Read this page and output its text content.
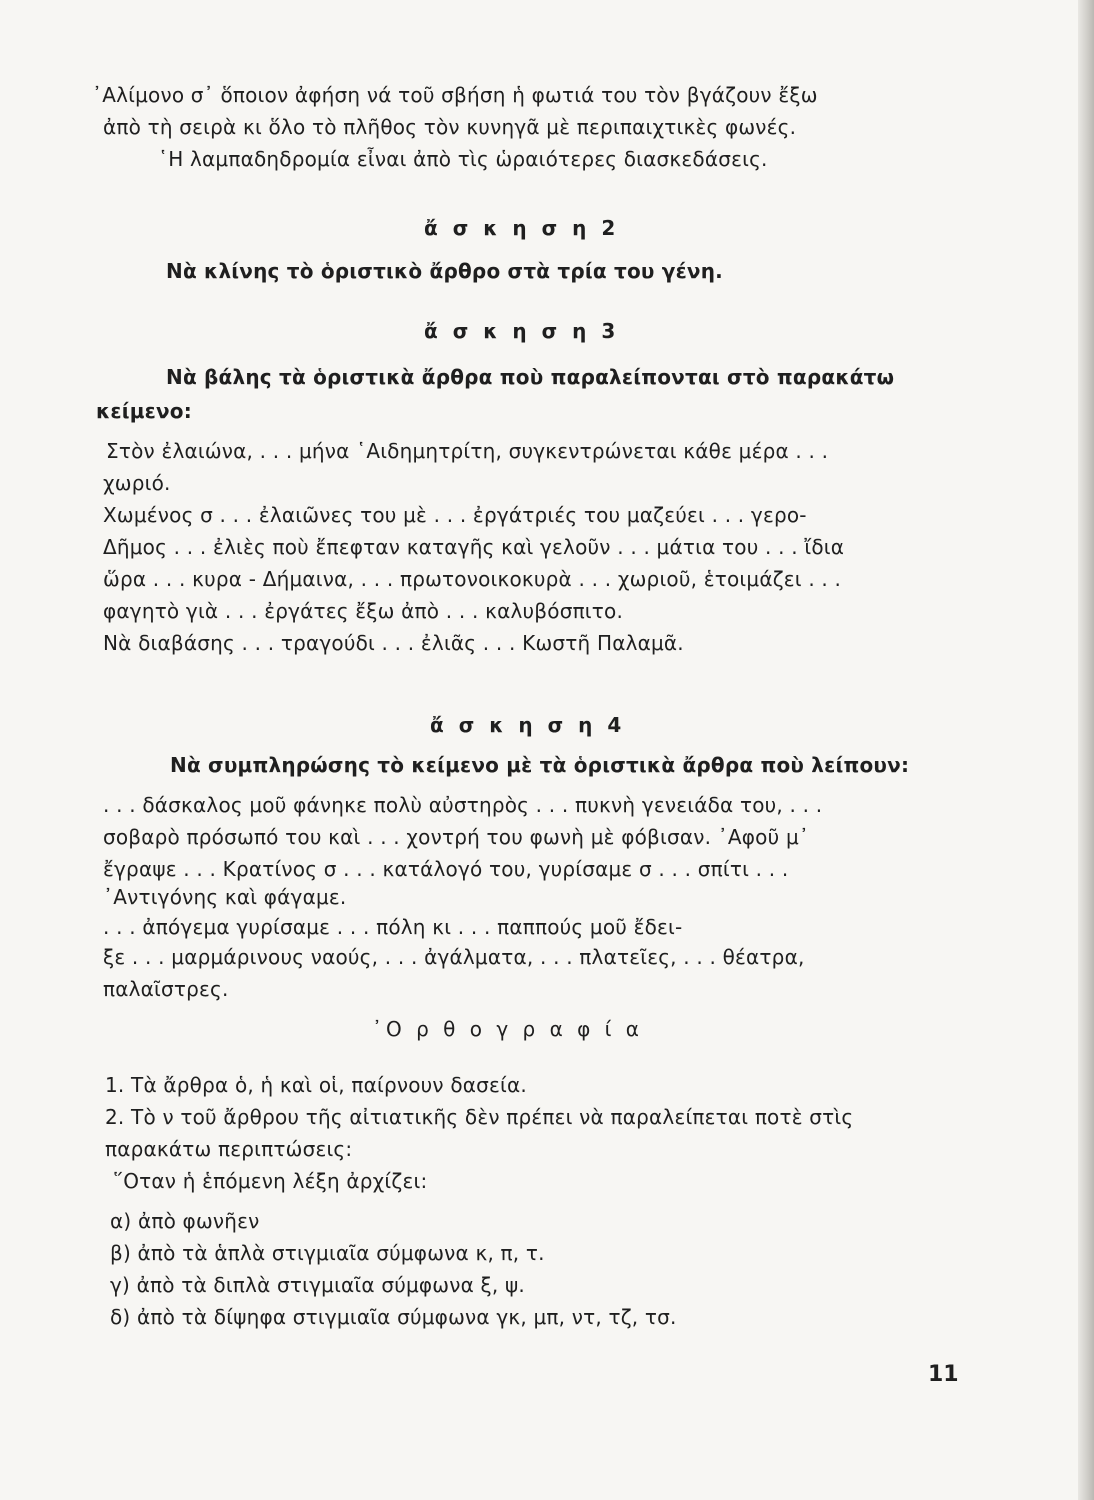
᾿Αλίμονο σ᾿ ὅποιον ἀφήση νά τοῦ σβήση ἡ φωτιά του τὸν βγάζουν ἔξω

ἀπὸ τὴ σειρὰ κι ὅλο τὸ πλῆθος τὸν κυνηγᾶ μὲ περιπαιχτικὲς φωνές.

῾Η λαμπαδηδρομία εἶναι ἀπὸ τὶς ὡραιότερες διασκεδάσεις.

ἄ σ κ η σ η 2

Νὰ κλίνης τὸ ὁριστικὸ ἄρθρο στὰ τρία του γένη.

ἄ σ κ η σ η 3

Νὰ βάλης τὰ ὁριστικὰ ἄρθρα ποὺ παραλείπονται στὸ παρακάτω

κείμενο:

Στὸν ἐλαιώνα, . . . μήνα ῾Αιδημητρίτη, συγκεντρώνεται κάθε μέρα . . .

χωριό.

Χωμένος σ . . . ἐλαιῶνες του μὲ . . . ἐργάτριές του μαζεύει . . . γερο-

Δῆμος . . . ἐλιὲς ποὺ ἔπεφταν καταγῆς καὶ γελοῦν . . . μάτια του . . . ἴδια

ὥρα . . . κυρα - Δήμαινα, . . . πρωτονοικοκυρὰ . . . χωριοῦ, ἑτοιμάζει . . .

φαγητὸ γιὰ . . . ἐργάτες ἔξω ἀπὸ . . . καλυβόσπιτο.

Νὰ διαβάσης . . . τραγούδι . . . ἐλιᾶς . . . Κωστῆ Παλαμᾶ.

ἄ σ κ η σ η 4

Νὰ συμπληρώσης τὸ κείμενο μὲ τὰ ὁριστικὰ ἄρθρα ποὺ λείπουν:

. . . δάσκαλος μοῦ φάνηκε πολὺ αὐστηρὸς . . . πυκνὴ γενειάδα του, . . .

σοβαρὸ πρόσωπό του καὶ . . . χοντρή του φωνὴ μὲ φόβισαν. ᾿Αφοῦ μ᾿

ἔγραψε . . . Κρατίνος σ . . . κατάλογό του, γυρίσαμε σ . . . σπίτι . . .

᾿Αντιγόνης καὶ φάγαμε.

. . . ἀπόγεμα γυρίσαμε . . . πόλη κι . . . παππούς μοῦ ἔδει-

ξε . . . μαρμάρινους ναούς, . . . ἀγάλματα, . . . πλατεῖες, . . . θέατρα,

παλαῖστρες.

᾿Ο ρ θ ο γ ρ α φ ί α

1. Τὰ ἄρθρα ὁ, ἡ καὶ οἱ, παίρνουν δασεία.

2. Τὸ ν τοῦ ἄρθρου τῆς αἰτιατικῆς δὲν πρέπει νὰ παραλείπεται ποτὲ στὶς

παρακάτω περιπτώσεις:

῞Οταν ἡ ἑπόμενη λέξη ἀρχίζει:

α) ἀπὸ φωνῆεν

β) ἀπὸ τὰ ἁπλὰ στιγμιαῖα σύμφωνα κ, π, τ.

γ) ἀπὸ τὰ διπλὰ στιγμιαῖα σύμφωνα ξ, ψ.

δ) ἀπὸ τὰ δίψηφα στιγμιαῖα σύμφωνα γκ, μπ, ντ, τζ, τσ.

11
